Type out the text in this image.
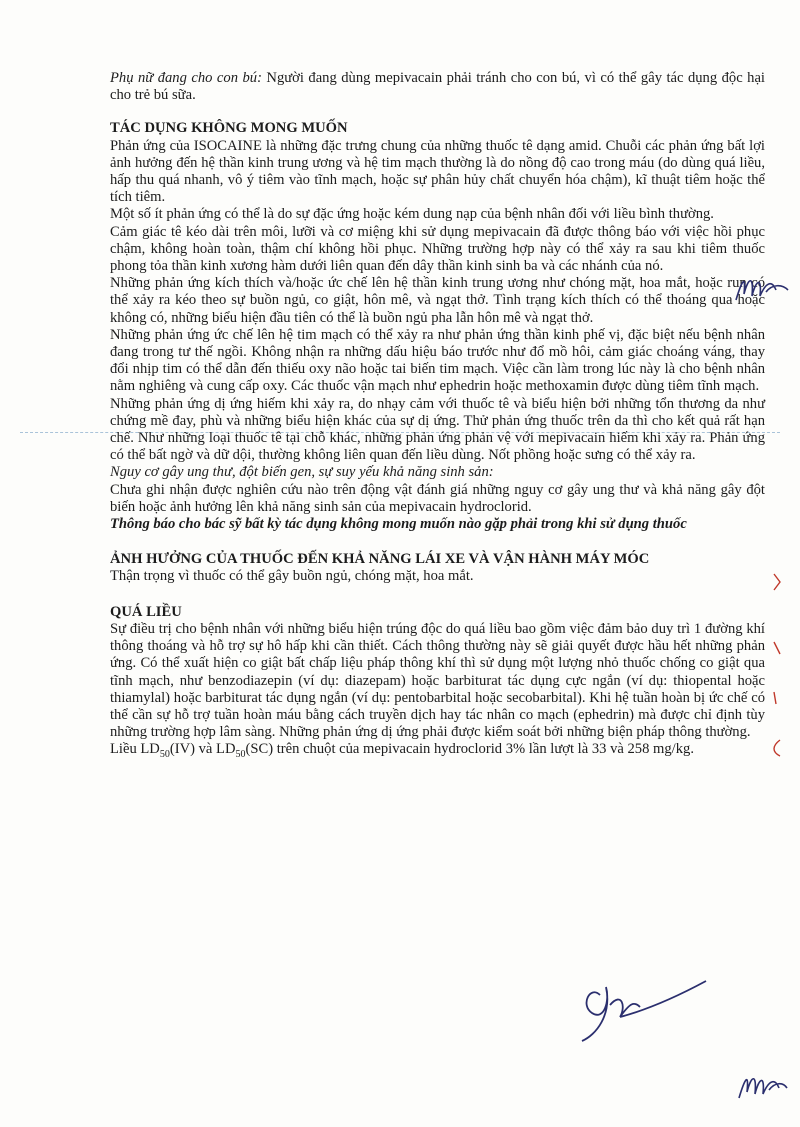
Phụ nữ đang cho con bú: Người đang dùng mepivacain phải tránh cho con bú, vì có thể gây tác dụng độc hại cho trẻ bú sữa.

TÁC DỤNG KHÔNG MONG MUỐN

Phản ứng của ISOCAINE là những đặc trưng chung của những thuốc tê dạng amid. Chuỗi các phản ứng bất lợi ảnh hưởng đến hệ thần kinh trung ương và hệ tim mạch thường là do nồng độ cao trong máu (do dùng quá liều, hấp thu quá nhanh, vô ý tiêm vào tĩnh mạch, hoặc sự phân hủy chất chuyển hóa chậm), kĩ thuật tiêm hoặc thể tích tiêm.

Một số ít phản ứng có thể là do sự đặc ứng hoặc kém dung nạp của bệnh nhân đối với liều bình thường.

Cảm giác tê kéo dài trên môi, lưỡi và cơ miệng khi sử dụng mepivacain đã được thông báo với việc hồi phục chậm, không hoàn toàn, thậm chí không hồi phục. Những trường hợp này có thể xảy ra sau khi tiêm thuốc phong tỏa thần kinh xương hàm dưới liên quan đến dây thần kinh sinh ba và các nhánh của nó.

Những phản ứng kích thích và/hoặc ức chế lên hệ thần kinh trung ương như chóng mặt, hoa mắt, hoặc run có thể xảy ra kéo theo sự buồn ngủ, co giật, hôn mê, và ngạt thở. Tình trạng kích thích có thể thoáng qua hoặc không có, những biểu hiện đầu tiên có thể là buồn ngủ pha lẫn hôn mê và ngạt thở.

Những phản ứng ức chế lên hệ tim mạch có thể xảy ra như phản ứng thần kinh phế vị, đặc biệt nếu bệnh nhân đang trong tư thế ngồi. Không nhận ra những dấu hiệu báo trước như đổ mồ hôi, cảm giác choáng váng, thay đổi nhịp tim có thể dẫn đến thiếu oxy não hoặc tai biến tim mạch. Việc cần làm trong lúc này là cho bệnh nhân nằm nghiêng và cung cấp oxy. Các thuốc vận mạch như ephedrin hoặc methoxamin được dùng tiêm tĩnh mạch.

Những phản ứng dị ứng hiếm khi xảy ra, do nhạy cảm với thuốc tê và biểu hiện bởi những tổn thương da như chứng mề đay, phù và những biểu hiện khác của sự dị ứng. Thử phản ứng thuốc trên da thì cho kết quả rất hạn chế. Như những loại thuốc tê tại chỗ khác, những phản ứng phản vệ với mepivacain hiếm khi xảy ra. Phản ứng có thể bất ngờ và dữ dội, thường không liên quan đến liều dùng. Nốt phồng hoặc sưng có thể xảy ra.

Nguy cơ gây ung thư, đột biến gen, sự suy yếu khả năng sinh sản:

Chưa ghi nhận được nghiên cứu nào trên động vật đánh giá những nguy cơ gây ung thư và khả năng gây đột biến hoặc ảnh hưởng lên khả năng sinh sản của mepivacain hydroclorid.

Thông báo cho bác sỹ bất kỳ tác dụng không mong muốn nào gặp phải trong khi sử dụng thuốc

ẢNH HƯỞNG CỦA THUỐC ĐẾN KHẢ NĂNG LÁI XE VÀ VẬN HÀNH MÁY MÓC

Thận trọng vì thuốc có thể gây buồn ngủ, chóng mặt, hoa mắt.

QUÁ LIỀU

Sự điều trị cho bệnh nhân với những biểu hiện trúng độc do quá liều bao gồm việc đảm bảo duy trì 1 đường khí thông thoáng và hỗ trợ sự hô hấp khi cần thiết. Cách thông thường này sẽ giải quyết được hầu hết những phản ứng. Có thể xuất hiện co giật bất chấp liệu pháp thông khí thì sử dụng một lượng nhỏ thuốc chống co giật qua tĩnh mạch, như benzodiazepin (ví dụ: diazepam) hoặc barbiturat tác dụng cực ngắn (ví dụ: thiopental hoặc thiamylal) hoặc barbiturat tác dụng ngắn (ví dụ: pentobarbital hoặc secobarbital). Khi hệ tuần hoàn bị ức chế có thể cần sự hỗ trợ tuần hoàn máu bằng cách truyền dịch hay tác nhân co mạch (ephedrin) mà được chỉ định tùy những trường hợp lâm sàng. Những phản ứng dị ứng phải được kiểm soát bởi những biện pháp thông thường.

Liều $LD_{50}(IV)$ và $LD_{50}(SC)$ trên chuột của mepivacain hydroclorid 3% lần lượt là 33 và 258 mg/kg.
